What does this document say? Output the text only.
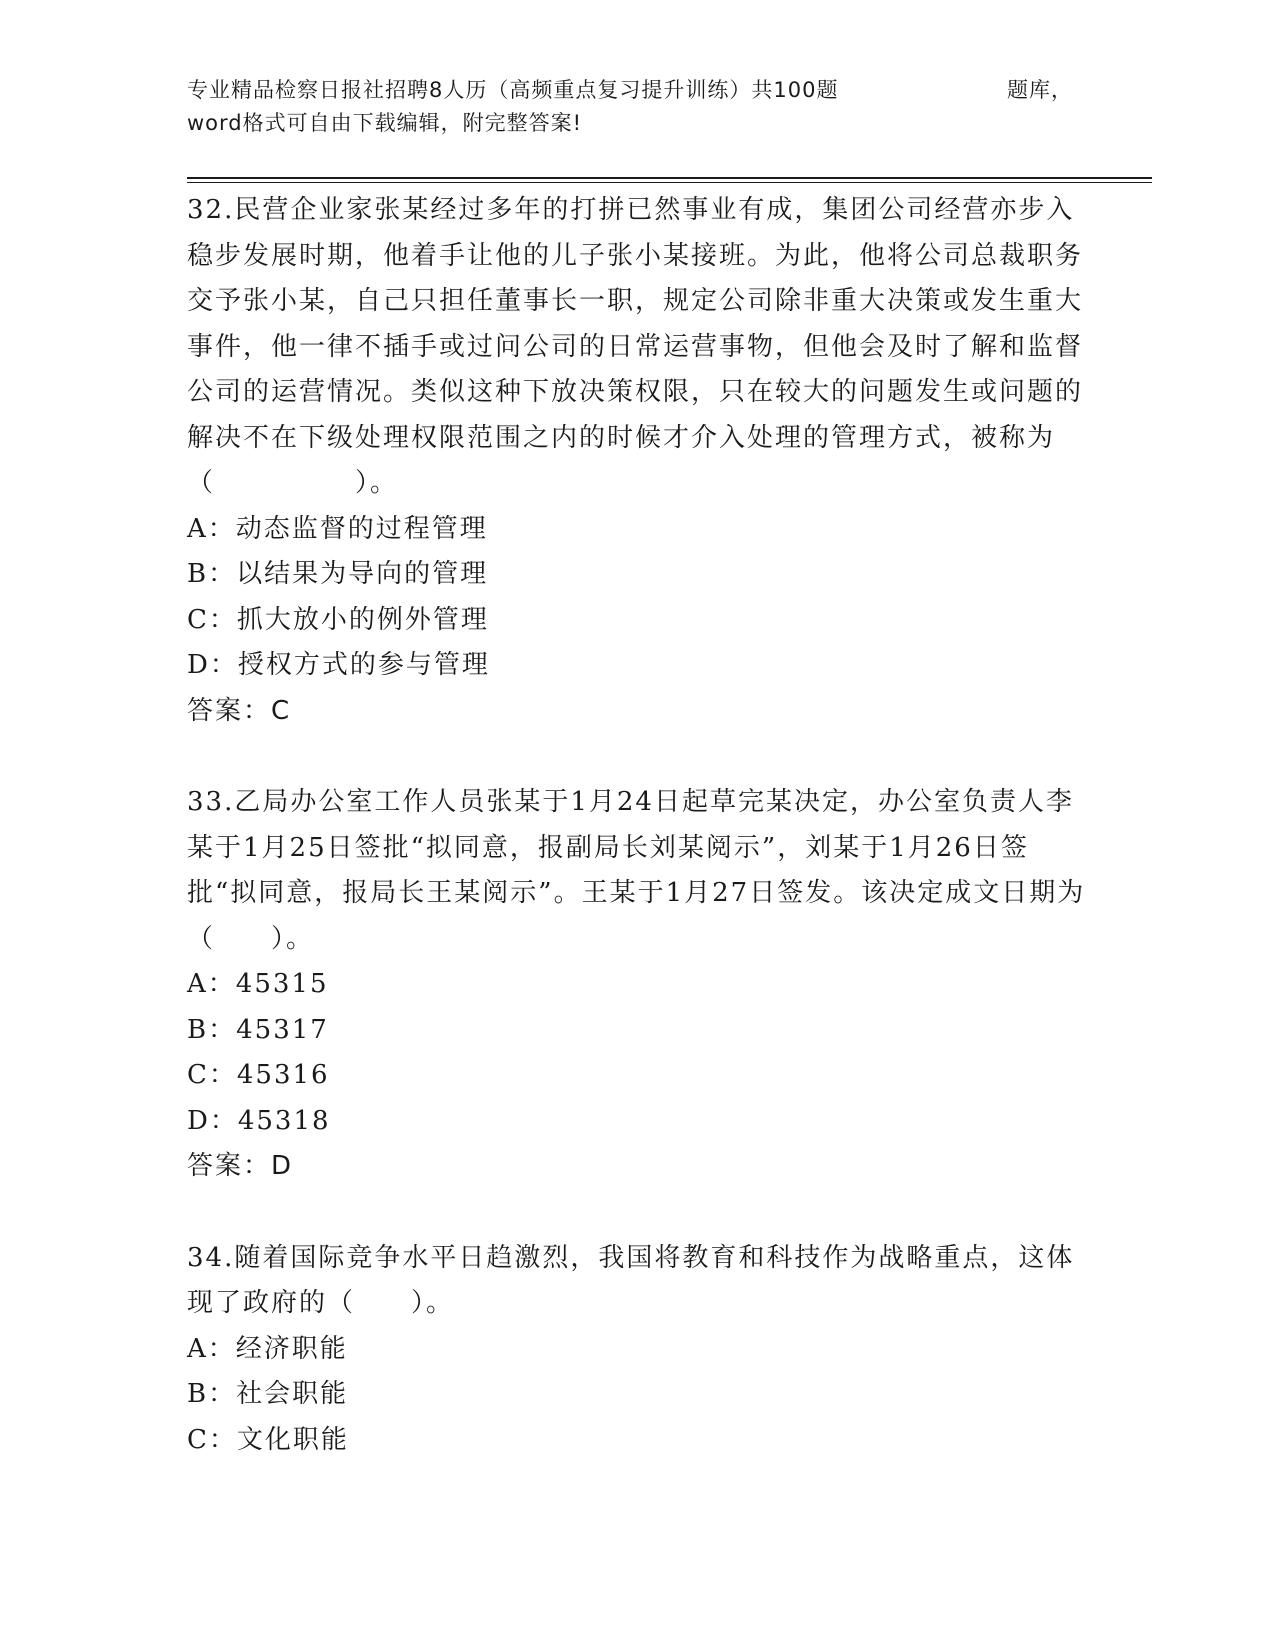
专业精品检察日报社招聘8人历（高频重点复习提升训练）共100题	题库，
word格式可自由下载编辑，附完整答案!

32.民营企业家张某经过多年的打拼已然事业有成，集团公司经营亦步入稳步发展时期，他着手让他的儿子张小某接班。为此，他将公司总裁职务交予张小某，自己只担任董事长一职，规定公司除非重大决策或发生重大事件，他一律不插手或过问公司的日常运营事物，但他会及时了解和监督公司的运营情况。类似这种下放决策权限，只在较大的问题发生或问题的解决不在下级处理权限范围之内的时候才介入处理的管理方式，被称为（　　　　　）。

A：动态监督的过程管理

B：以结果为导向的管理

C：抓大放小的例外管理

D：授权方式的参与管理

答案：C

33.乙局办公室工作人员张某于1月24日起草完某决定，办公室负责人李某于1月25日签批“拟同意，报副局长刘某阅示”，刘某于1月26日签批“拟同意，报局长王某阅示”。王某于1月27日签发。该决定成文日期为（　　）。

A：45315

B：45317

C：45316

D：45318

答案：D

34.随着国际竞争水平日趋激烈，我国将教育和科技作为战略重点，这体现了政府的（　　）。

A：经济职能

B：社会职能

C：文化职能
